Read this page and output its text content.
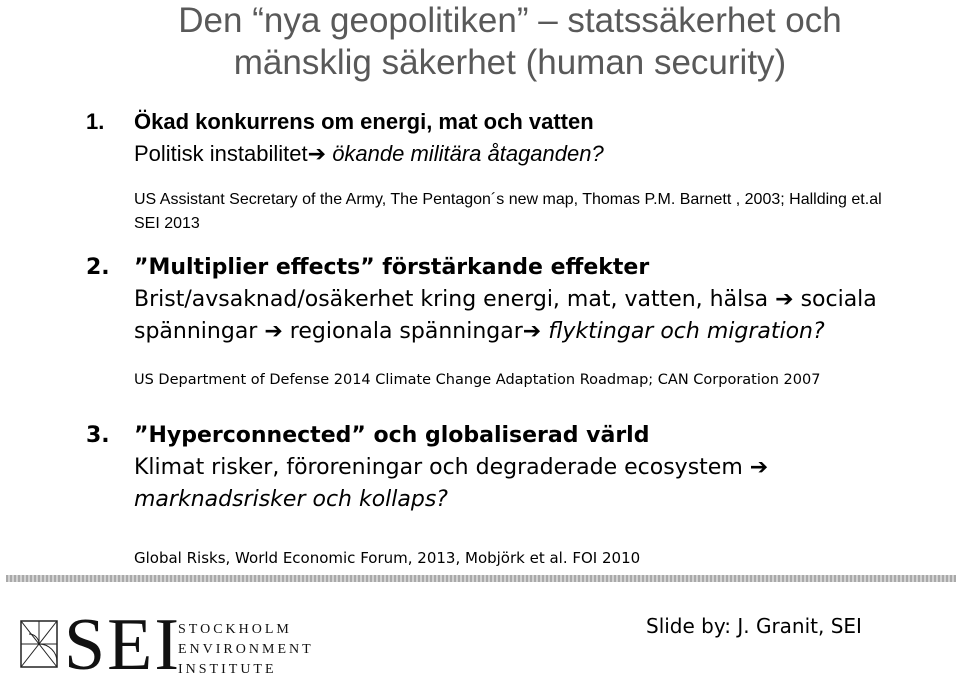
Den “nya geopolitiken” – statssäkerhet och
mänsklig säkerhet (human security)
1. Ökad konkurrens om energi, mat och vatten
Politisk instabilitet➔ ökande militära åtaganden?
US Assistant Secretary of the Army, The Pentagon´s new map, Thomas P.M. Barnett , 2003; Hallding et.al SEI 2013
2. ”Multiplier effects” förstärkande effekter
Brist/avsaknad/osäkerhet kring energi, mat, vatten, hälsa ➔ sociala
spänningar ➔ regionala spänningar➔ flyktingar och migration?
US Department of Defense 2014 Climate Change Adaptation Roadmap; CAN Corporation 2007
3. ”Hyperconnected” och globaliserad värld
Klimat risker, föroreningar och degraderade ecosystem ➔
marknadsrisker och kollaps?
Global Risks, World Economic Forum, 2013, Mobjörk et al. FOI 2010
SEI
STOCKHOLM
ENVIRONMENT
INSTITUTE
Slide by: J. Granit, SEI
